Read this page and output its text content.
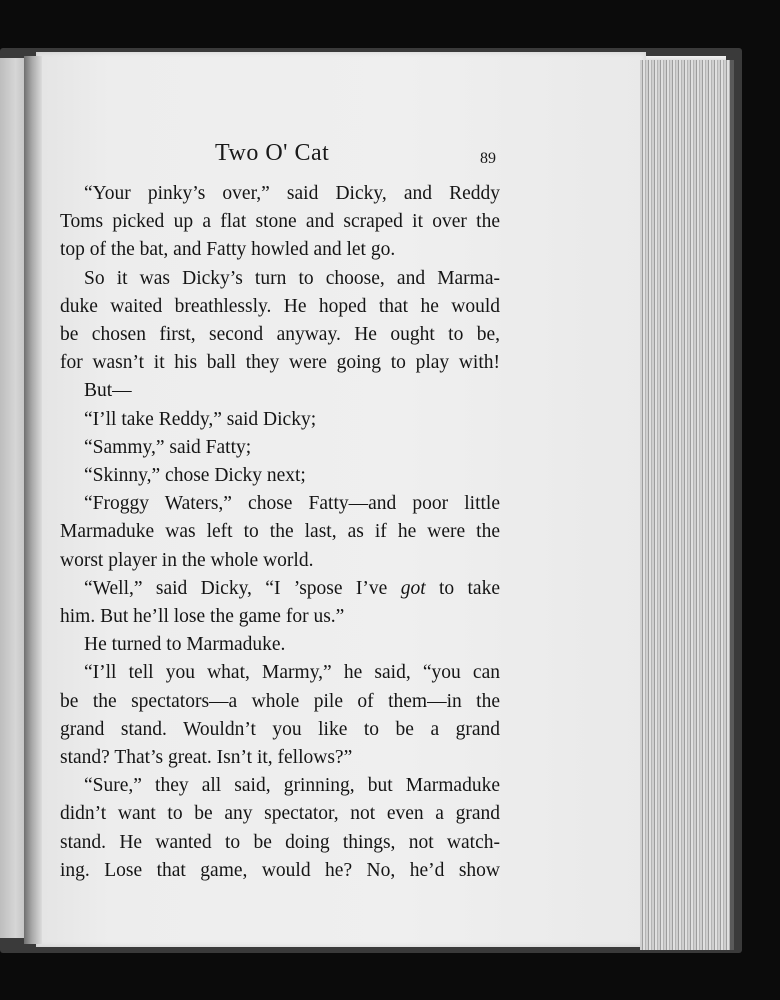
Two O' Cat	89
“Your pinky’s over,” said Dicky, and Reddy
Toms picked up a flat stone and scraped it over the
top of the bat, and Fatty howled and let go.
So it was Dicky’s turn to choose, and Marma-
duke waited breathlessly. He hoped that he would
be chosen first, second anyway. He ought to be,
for wasn’t it his ball they were going to play with!
But—
“I’ll take Reddy,” said Dicky;
“Sammy,” said Fatty;
“Skinny,” chose Dicky next;
“Froggy Waters,” chose Fatty—and poor little
Marmaduke was left to the last, as if he were the
worst player in the whole world.
“Well,” said Dicky, “I ’spose I’ve got to take
him. But he’ll lose the game for us.”
He turned to Marmaduke.
“I’ll tell you what, Marmy,” he said, “you can
be the spectators—a whole pile of them—in the
grand stand. Wouldn’t you like to be a grand
stand? That’s great. Isn’t it, fellows?”
“Sure,” they all said, grinning, but Marmaduke
didn’t want to be any spectator, not even a grand
stand. He wanted to be doing things, not watch-
ing. Lose that game, would he? No, he’d show
